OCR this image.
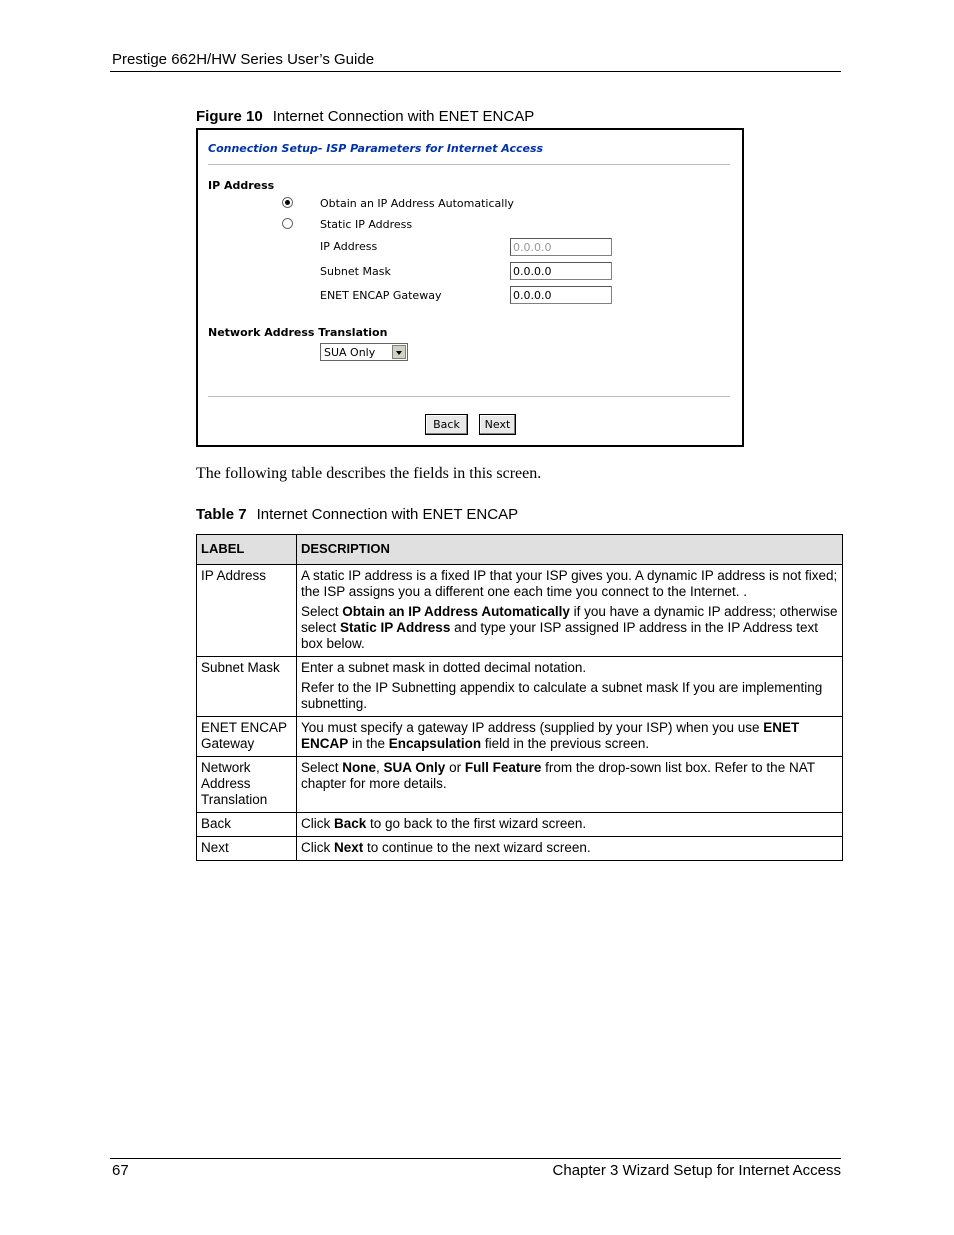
Prestige 662H/HW Series User’s Guide
Figure 10 Internet Connection with ENET ENCAP
Connection Setup- ISP Parameters for Internet Access
IP Address
Obtain an IP Address Automatically
Static IP Address
IP Address
0.0.0.0
Subnet Mask
0.0.0.0
ENET ENCAP Gateway
0.0.0.0
Network Address Translation
SUA Only
Back	Next
The following table describes the fields in this screen.
Table 7 Internet Connection with ENET ENCAP
LABEL	DESCRIPTION
IP Address	A static IP address is a fixed IP that your ISP gives you. A dynamic IP address is not fixed; the ISP assigns you a different one each time you connect to the Internet. .

Select Obtain an IP Address Automatically if you have a dynamic IP address; otherwise select Static IP Address and type your ISP assigned IP address in the IP Address text box below.

Subnet Mask	Enter a subnet mask in dotted decimal notation.

Refer to the IP Subnetting appendix to calculate a subnet mask If you are implementing subnetting.

ENET ENCAP Gateway	You must specify a gateway IP address (supplied by your ISP) when you use ENET ENCAP in the Encapsulation field in the previous screen.

Network Address Translation	Select None, SUA Only or Full Feature from the drop-sown list box. Refer to the NAT chapter for more details.

Back	Click Back to go back to the first wizard screen.

Next	Click Next to continue to the next wizard screen.

67	Chapter 3 Wizard Setup for Internet Access
